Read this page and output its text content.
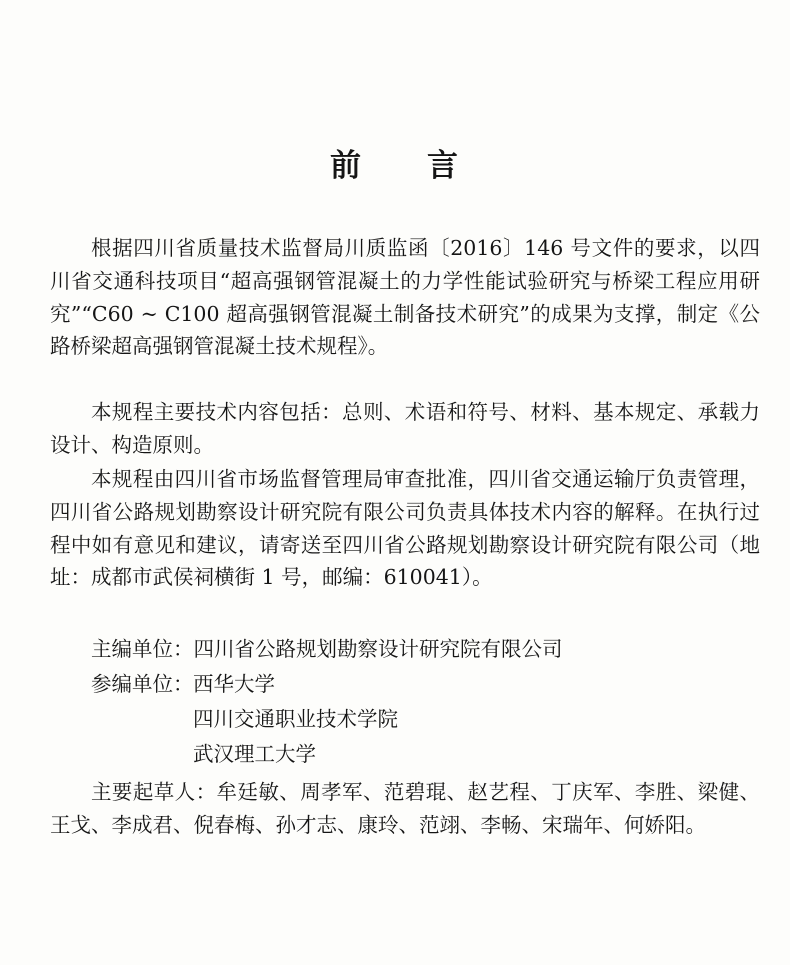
前 言

根据四川省质量技术监督局川质监函〔2016〕146 号文件的要求，以四川省交通科技项目“超高强钢管混凝土的力学性能试验研究与桥梁工程应用研究”“C60 ~ C100 超高强钢管混凝土制备技术研究”的成果为支撑，制定《公路桥梁超高强钢管混凝土技术规程》。

本规程主要技术内容包括：总则、术语和符号、材料、基本规定、承载力设计、构造原则。

本规程由四川省市场监督管理局审查批准，四川省交通运输厅负责管理，四川省公路规划勘察设计研究院有限公司负责具体技术内容的解释。在执行过程中如有意见和建议，请寄送至四川省公路规划勘察设计研究院有限公司（地址：成都市武侯祠横街 1 号，邮编：610041）。

主编单位：四川省公路规划勘察设计研究院有限公司
参编单位： 西华大学
四川交通职业技术学院
武汉理工大学

主要起草人：牟廷敏、周孝军、范碧琨、赵艺程、丁庆军、李胜、梁健、王戈、李成君、倪春梅、孙才志、康玲、范翊、李畅、宋瑞年、何娇阳。
